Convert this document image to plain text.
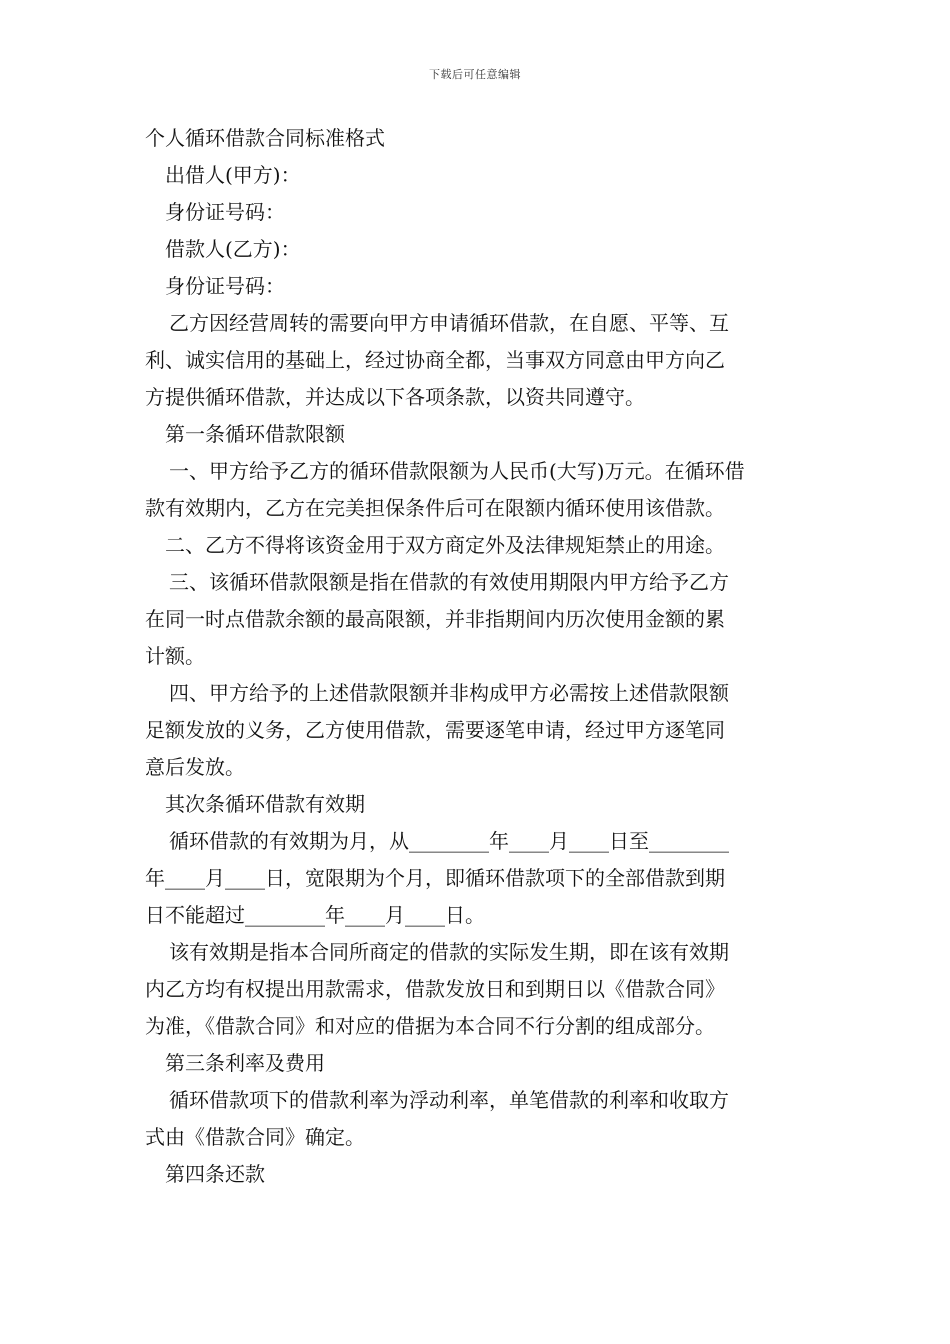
下载后可任意编辑

个人循环借款合同标准格式

出借人(甲方)：

身份证号码：

借款人(乙方)：

身份证号码：

乙方因经营周转的需要向甲方申请循环借款，在自愿、平等、互

利、诚实信用的基础上，经过协商全都，当事双方同意由甲方向乙

方提供循环借款，并达成以下各项条款，以资共同遵守。

第一条循环借款限额

一、甲方给予乙方的循环借款限额为人民币(大写)万元。在循环借

款有效期内，乙方在完美担保条件后可在限额内循环使用该借款。

二、乙方不得将该资金用于双方商定外及法律规矩禁止的用途。

三、该循环借款限额是指在借款的有效使用期限内甲方给予乙方

在同一时点借款余额的最高限额，并非指期间内历次使用金额的累

计额。

四、甲方给予的上述借款限额并非构成甲方必需按上述借款限额

足额发放的义务，乙方使用借款，需要逐笔申请，经过甲方逐笔同

意后发放。

其次条循环借款有效期

循环借款的有效期为月，从________年____月____日至________

年____月____日，宽限期为个月，即循环借款项下的全部借款到期

日不能超过________年____月____日。

该有效期是指本合同所商定的借款的实际发生期，即在该有效期

内乙方均有权提出用款需求，借款发放日和到期日以《借款合同》

为准，《借款合同》和对应的借据为本合同不行分割的组成部分。

第三条利率及费用

循环借款项下的借款利率为浮动利率，单笔借款的利率和收取方

式由《借款合同》确定。

第四条还款
